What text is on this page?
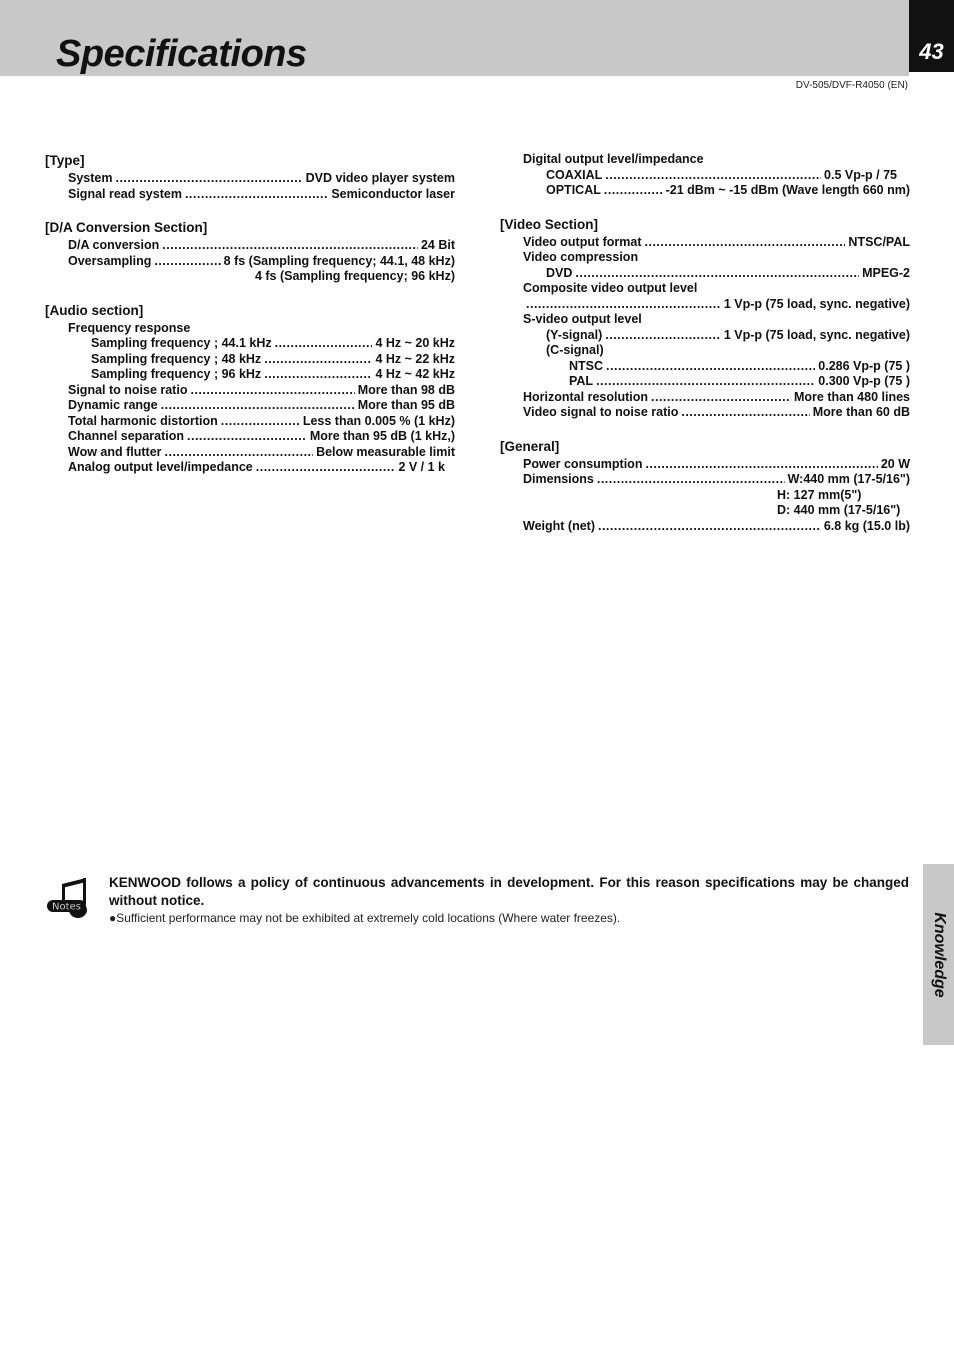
Specifications	43
DV-505/DVF-R4050 (EN)
[Type]
System .....	DVD video player system
Signal read system .....	Semiconductor laser
[D/A Conversion Section]
D/A conversion .....	24 Bit
Oversampling .....	8 fs (Sampling frequency; 44.1, 48 kHz)
4 fs (Sampling frequency; 96 kHz)
[Audio section]
Frequency response
Sampling frequency ; 44.1 kHz .....	4 Hz ~ 20 kHz
Sampling frequency ; 48 kHz .....	4 Hz ~ 22 kHz
Sampling frequency ; 96 kHz .....	4 Hz ~ 42 kHz
Signal to noise ratio .....	More than 98 dB
Dynamic range .....	More than 95 dB
Total harmonic distortion .....	Less than 0.005 % (1 kHz)
Channel separation .....	More than 95 dB (1 kHz,)
Wow and flutter .....	Below measurable limit
Analog output level/impedance .....	2 V / 1 k
Digital output level/impedance
COAXIAL .....	0.5 Vp-p / 75
OPTICAL .....	-21 dBm ~ -15 dBm (Wave length 660 nm)
[Video Section]
Video output format .....	NTSC/PAL
Video compression
DVD .....	MPEG-2
Composite video output level
.....
1 Vp-p (75 load, sync. negative)
S-video output level
(Y-signal) .....	1 Vp-p (75 load, sync. negative)
(C-signal)
NTSC .....	0.286 Vp-p (75 )
PAL .....	0.300 Vp-p (75 )
Horizontal resolution .....	More than 480 lines
Video signal to noise ratio .....	More than 60 dB
[General]
Power consumption .....	20 W
Dimensions .....	W:440 mm (17-5/16")
H: 127 mm(5")
D: 440 mm (17-5/16")
Weight (net) .....	6.8 kg (15.0 lb)
Notes
KENWOOD follows a policy of continuous advancements in development. For this reason specifications may be changed without notice.
●Sufficient performance may not be exhibited at extremely cold locations (Where water freezes).	Knowledge
